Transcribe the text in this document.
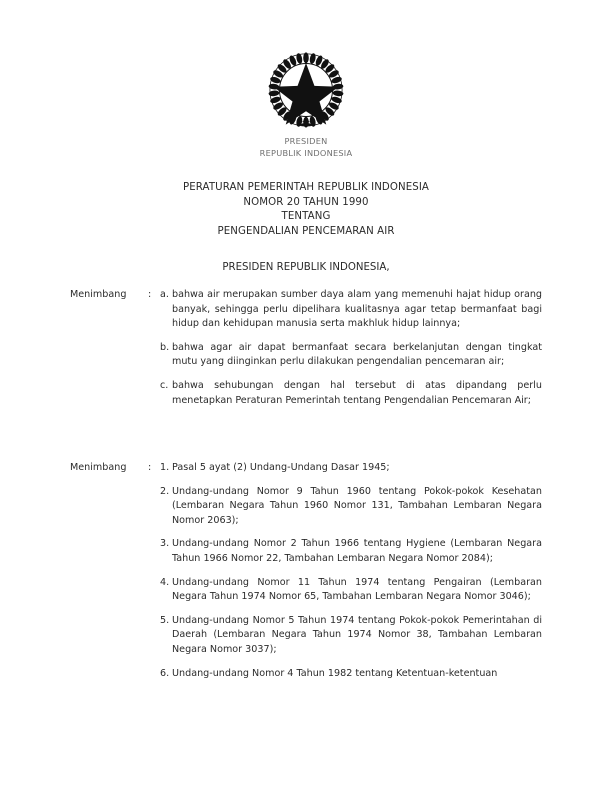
PRESIDEN
REPUBLIK INDONESIA
PERATURAN PEMERINTAH REPUBLIK INDONESIA
NOMOR 20 TAHUN 1990
TENTANG
PENGENDALIAN PENCEMARAN AIR
PRESIDEN REPUBLIK INDONESIA,
Menimbang	: a. bahwa air merupakan sumber daya alam yang memenuhi hajat hidup orang banyak, sehingga perlu dipelihara kualitasnya agar tetap bermanfaat bagi hidup dan kehidupan manusia serta makhluk hidup lainnya;
b. bahwa agar air dapat bermanfaat secara berkelanjutan dengan tingkat mutu yang diinginkan perlu dilakukan pengendalian pencemaran air;
c. bahwa sehubungan dengan hal tersebut di atas dipandang perlu menetapkan Peraturan Pemerintah tentang Pengendalian Pencemaran Air;
Menimbang	: 1. Pasal 5 ayat (2) Undang-Undang Dasar 1945;
2. Undang-undang Nomor 9 Tahun 1960 tentang Pokok-pokok Kesehatan (Lembaran Negara Tahun 1960 Nomor 131, Tambahan Lembaran Negara Nomor 2063);
3. Undang-undang Nomor 2 Tahun 1966 tentang Hygiene (Lembaran Negara Tahun 1966 Nomor 22, Tambahan Lembaran Negara Nomor 2084);
4. Undang-undang Nomor 11 Tahun 1974 tentang Pengairan (Lembaran Negara Tahun 1974 Nomor 65, Tambahan Lembaran Negara Nomor 3046);
5. Undang-undang Nomor 5 Tahun 1974 tentang Pokok-pokok Pemerintahan di Daerah (Lembaran Negara Tahun 1974 Nomor 38, Tambahan Lembaran Negara Nomor 3037);
6. Undang-undang Nomor 4 Tahun 1982 tentang Ketentuan-ketentuan
